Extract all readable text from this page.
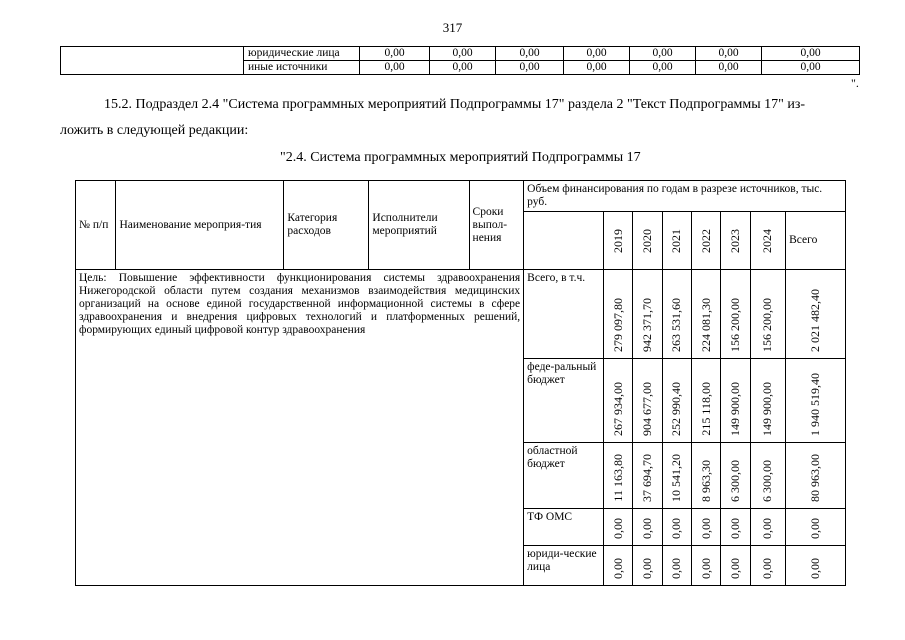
317
	юридические лица	0,00	0,00	0,00	0,00	0,00	0,00	0,00
	иные источники	0,00	0,00	0,00	0,00	0,00	0,00	0,00
".
15.2. Подраздел 2.4 "Система программных мероприятий Подпрограммы 17" раздела 2 "Текст Подпрограммы 17" из-
ложить в следующей редакции:
"2.4. Система программных мероприятий Подпрограммы 17
№ п/п	Наименование мероприя-тия	Категория расходов	Исполнители мероприятий	Сроки выпол-нения	Объем финансирования по годам в разрезе источников, тыс. руб.							

						2019	2020	2021	2022	2023	2024	Всего
Цель: Повышение эффективности функционирования системы здравоохранения Нижегородской области путем создания механизмов взаимодействия медицинских организаций на основе единой государственной информационной системы в сфере здравоохранения и внедрения цифровых технологий и платформенных решений, формирующих единый цифровой контур здравоохранения					Всего, в т.ч.	279 097,80	942 371,70	263 531,60	224 081,30	156 200,00	156 200,00	2 021 482,40

					феде-ральный бюджет	267 934,00	904 677,00	252 990,40	215 118,00	149 900,00	149 900,00	1 940 519,40

					областной бюджет	11 163,80	37 694,70	10 541,20	8 963,30	6 300,00	6 300,00	80 963,00

					ТФ ОМС	0,00	0,00	0,00	0,00	0,00	0,00	0,00

					юриди-ческие лица	0,00	0,00	0,00	0,00	0,00	0,00	0,00
